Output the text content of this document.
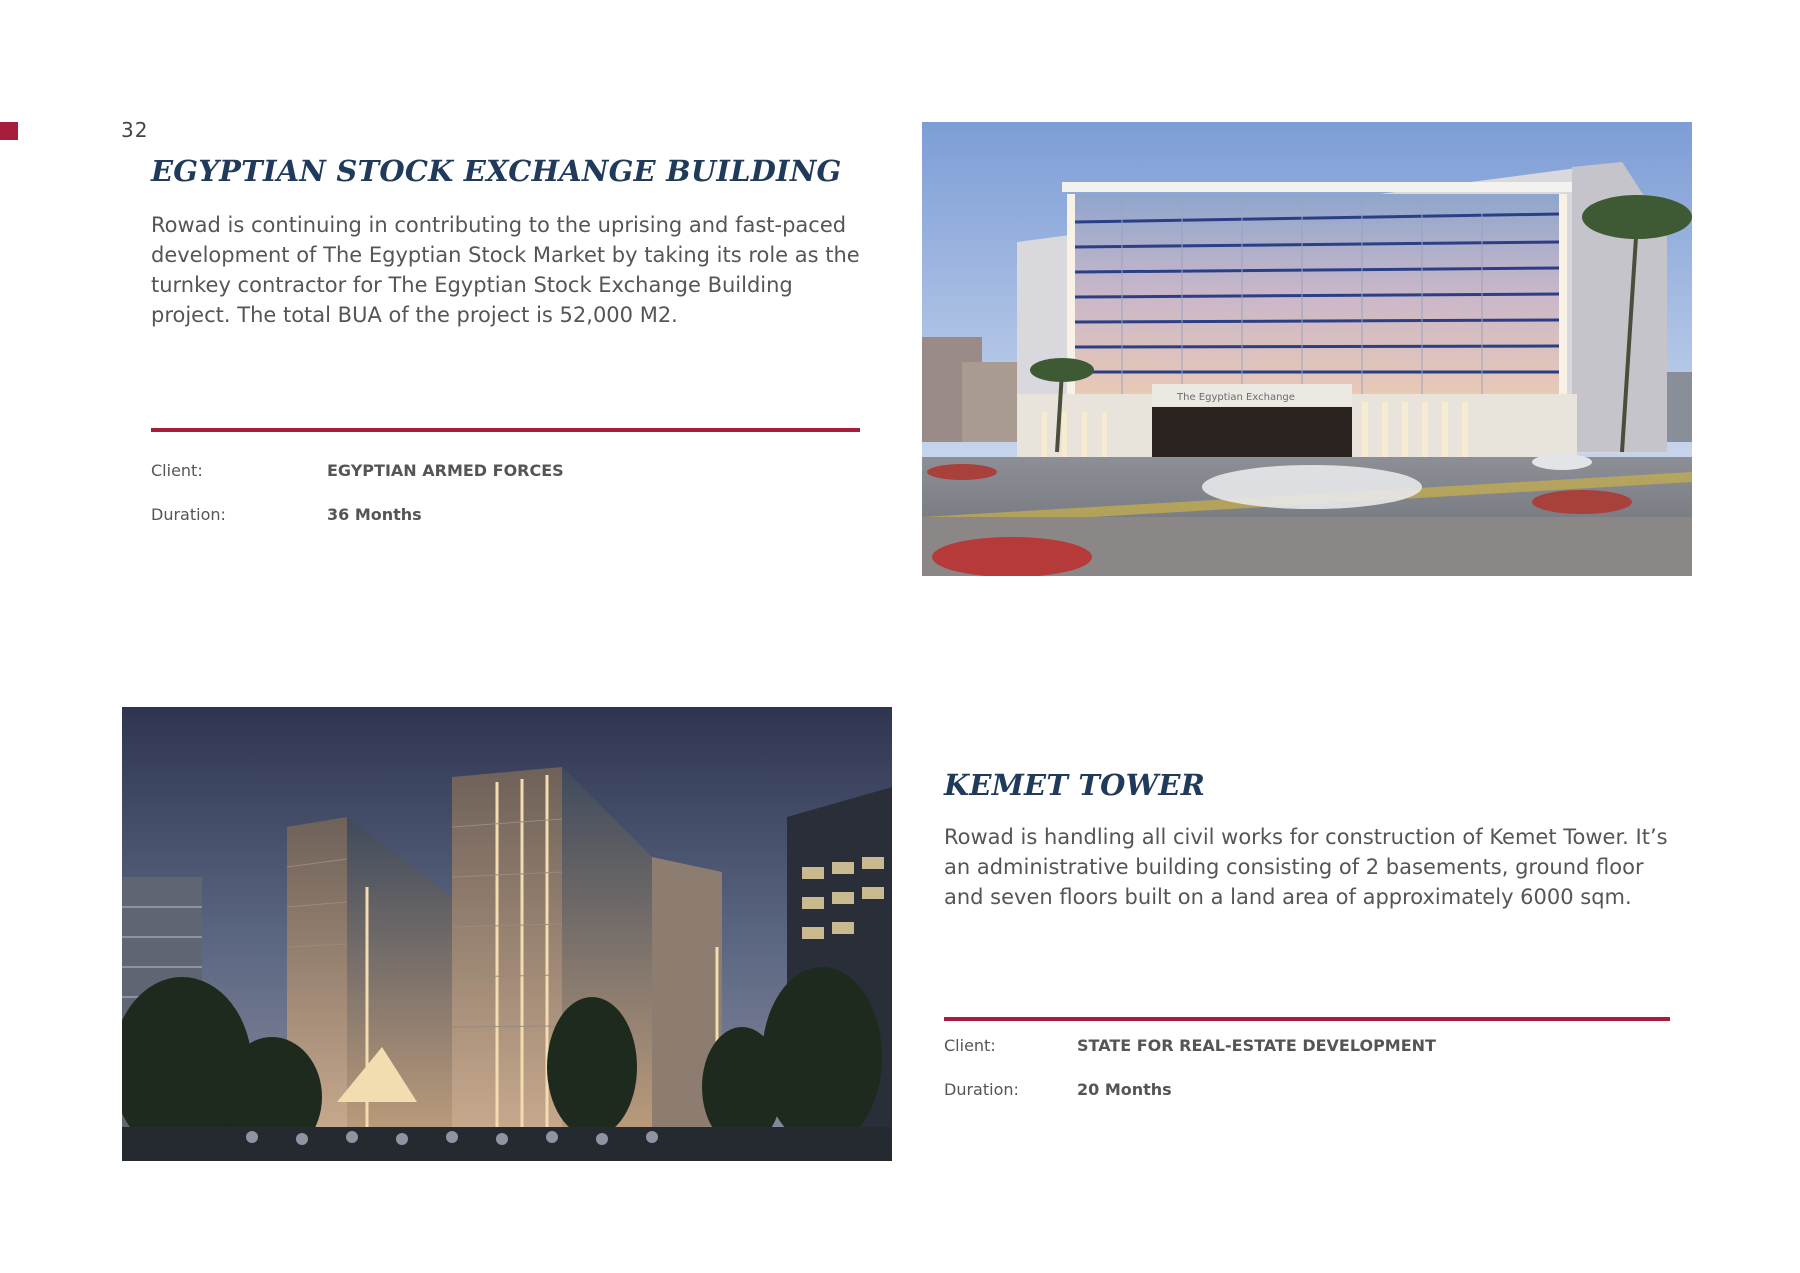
32
EGYPTIAN STOCK EXCHANGE BUILDING

Rowad is continuing in contributing to the uprising and fast-paced development of The Egyptian Stock Market by taking its role as the turnkey contractor for The Egyptian Stock Exchange Building project. The total BUA of the project is 52,000 M2.

Client:	EGYPTIAN ARMED FORCES
Duration:	36 Months
The Egyptian Exchange
KEMET TOWER

Rowad is handling all civil works for construction of Kemet Tower. It’s an administrative building consisting of 2 basements, ground floor and seven floors built on a land area of approximately 6000 sqm.

Client:	STATE FOR REAL-ESTATE DEVELOPMENT
Duration:	20 Months
